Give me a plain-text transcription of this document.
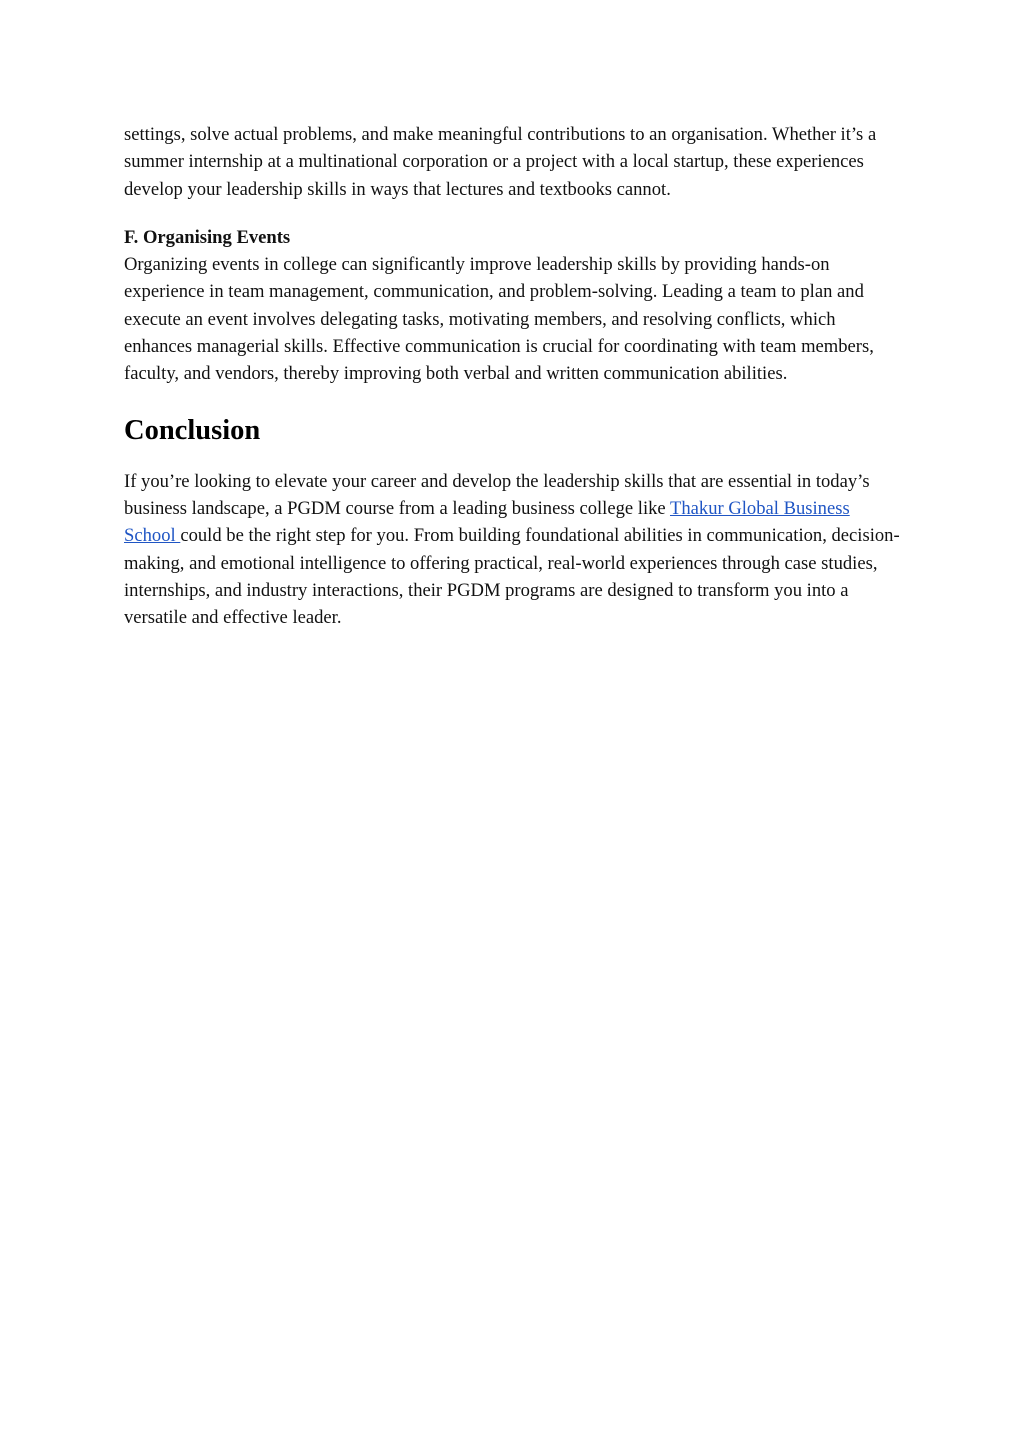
settings, solve actual problems, and make meaningful contributions to an organisation. Whether it’s a summer internship at a multinational corporation or a project with a local startup, these experiences develop your leadership skills in ways that lectures and textbooks cannot.

F. Organising Events

Organizing events in college can significantly improve leadership skills by providing hands-on experience in team management, communication, and problem-solving. Leading a team to plan and execute an event involves delegating tasks, motivating members, and resolving conflicts, which enhances managerial skills. Effective communication is crucial for coordinating with team members, faculty, and vendors, thereby improving both verbal and written communication abilities.

Conclusion

If you’re looking to elevate your career and develop the leadership skills that are essential in today’s business landscape, a PGDM course from a leading business college like Thakur Global Business School could be the right step for you. From building foundational abilities in communication, decision-making, and emotional intelligence to offering practical, real-world experiences through case studies, internships, and industry interactions, their PGDM programs are designed to transform you into a versatile and effective leader.
